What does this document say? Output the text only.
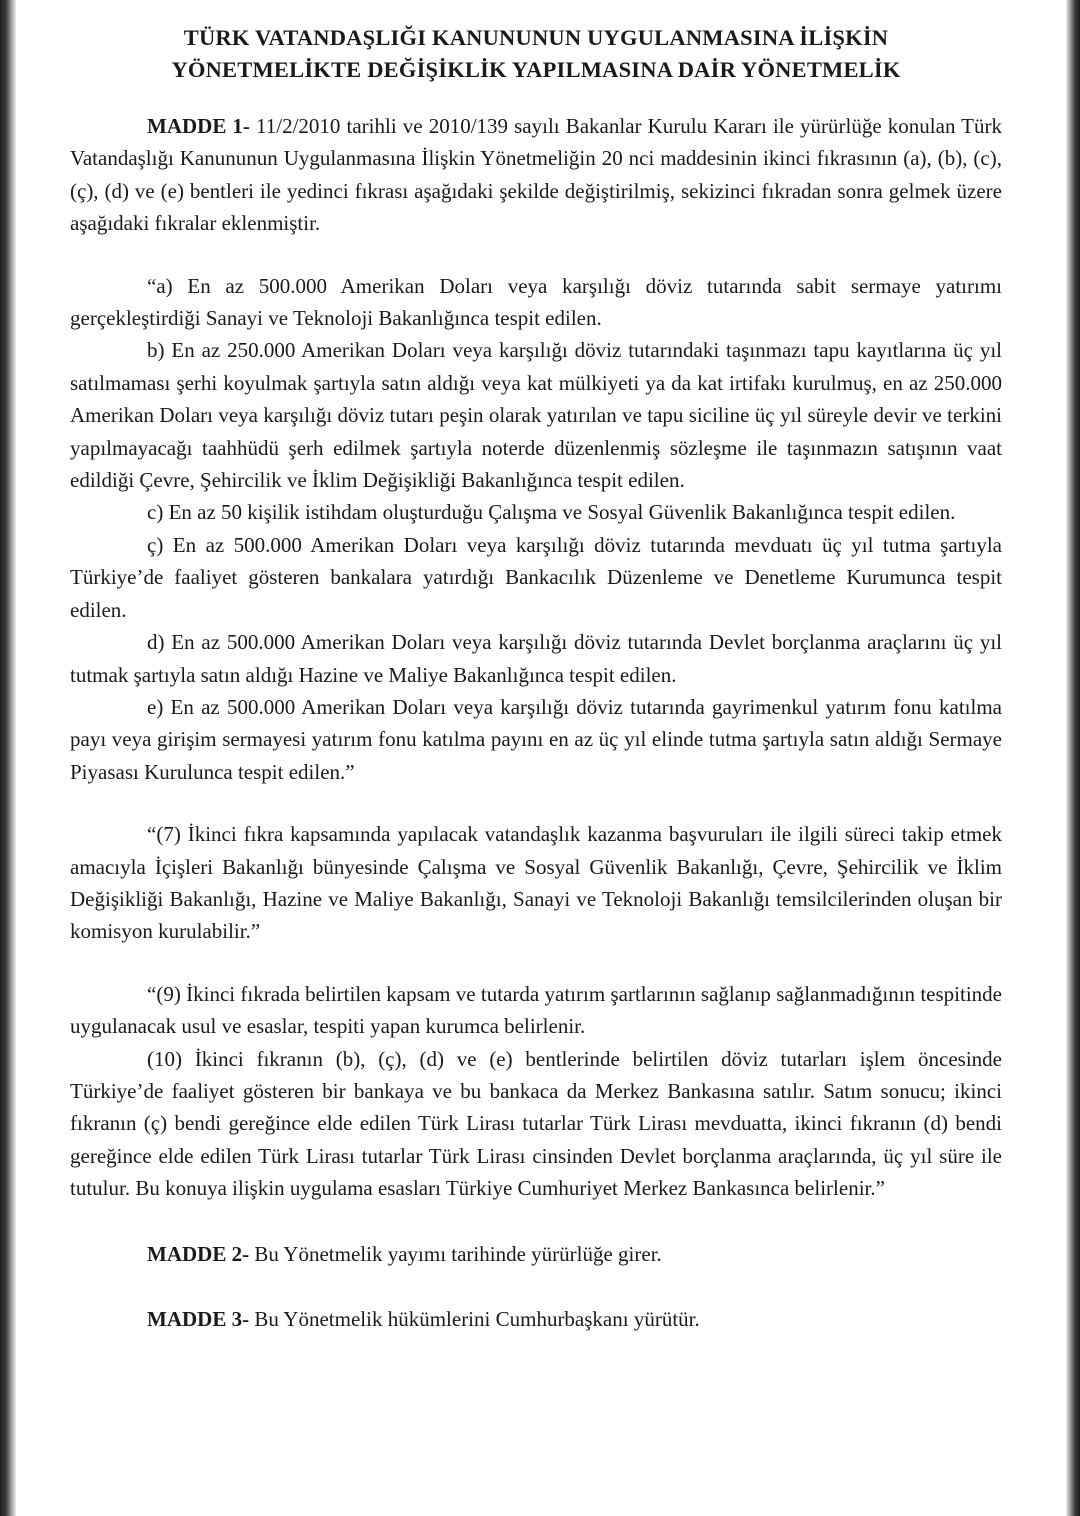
TÜRK VATANDAŞLIĞI KANUNUNUN UYGULANMASINA İLİŞKİN
YÖNETMELİKTE DEĞİŞİKLİK YAPILMASINA DAİR YÖNETMELİK

MADDE 1- 11/2/2010 tarihli ve 2010/139 sayılı Bakanlar Kurulu Kararı ile yürürlüğe konulan Türk Vatandaşlığı Kanununun Uygulanmasına İlişkin Yönetmeliğin 20 nci maddesinin ikinci fıkrasının (a), (b), (c), (ç), (d) ve (e) bentleri ile yedinci fıkrası aşağıdaki şekilde değiştirilmiş, sekizinci fıkradan sonra gelmek üzere aşağıdaki fıkralar eklenmiştir.

“a) En az 500.000 Amerikan Doları veya karşılığı döviz tutarında sabit sermaye yatırımı gerçekleştirdiği Sanayi ve Teknoloji Bakanlığınca tespit edilen.

b) En az 250.000 Amerikan Doları veya karşılığı döviz tutarındaki taşınmazı tapu kayıtlarına üç yıl satılmaması şerhi koyulmak şartıyla satın aldığı veya kat mülkiyeti ya da kat irtifakı kurulmuş, en az 250.000 Amerikan Doları veya karşılığı döviz tutarı peşin olarak yatırılan ve tapu siciline üç yıl süreyle devir ve terkini yapılmayacağı taahhüdü şerh edilmek şartıyla noterde düzenlenmiş sözleşme ile taşınmazın satışının vaat edildiği Çevre, Şehircilik ve İklim Değişikliği Bakanlığınca tespit edilen.

c) En az 50 kişilik istihdam oluşturduğu Çalışma ve Sosyal Güvenlik Bakanlığınca tespit edilen.

ç) En az 500.000 Amerikan Doları veya karşılığı döviz tutarında mevduatı üç yıl tutma şartıyla Türkiye’de faaliyet gösteren bankalara yatırdığı Bankacılık Düzenleme ve Denetleme Kurumunca tespit edilen.

d) En az 500.000 Amerikan Doları veya karşılığı döviz tutarında Devlet borçlanma araçlarını üç yıl tutmak şartıyla satın aldığı Hazine ve Maliye Bakanlığınca tespit edilen.

e) En az 500.000 Amerikan Doları veya karşılığı döviz tutarında gayrimenkul yatırım fonu katılma payı veya girişim sermayesi yatırım fonu katılma payını en az üç yıl elinde tutma şartıyla satın aldığı Sermaye Piyasası Kurulunca tespit edilen.”

“(7) İkinci fıkra kapsamında yapılacak vatandaşlık kazanma başvuruları ile ilgili süreci takip etmek amacıyla İçişleri Bakanlığı bünyesinde Çalışma ve Sosyal Güvenlik Bakanlığı, Çevre, Şehircilik ve İklim Değişikliği Bakanlığı, Hazine ve Maliye Bakanlığı, Sanayi ve Teknoloji Bakanlığı temsilcilerinden oluşan bir komisyon kurulabilir.”

“(9) İkinci fıkrada belirtilen kapsam ve tutarda yatırım şartlarının sağlanıp sağlanmadığının tespitinde uygulanacak usul ve esaslar, tespiti yapan kurumca belirlenir.

(10) İkinci fıkranın (b), (ç), (d) ve (e) bentlerinde belirtilen döviz tutarları işlem öncesinde Türkiye’de faaliyet gösteren bir bankaya ve bu bankaca da Merkez Bankasına satılır. Satım sonucu; ikinci fıkranın (ç) bendi gereğince elde edilen Türk Lirası tutarlar Türk Lirası mevduatta, ikinci fıkranın (d) bendi gereğince elde edilen Türk Lirası tutarlar Türk Lirası cinsinden Devlet borçlanma araçlarında, üç yıl süre ile tutulur. Bu konuya ilişkin uygulama esasları Türkiye Cumhuriyet Merkez Bankasınca belirlenir.”

MADDE 2- Bu Yönetmelik yayımı tarihinde yürürlüğe girer.

MADDE 3- Bu Yönetmelik hükümlerini Cumhurbaşkanı yürütür.
